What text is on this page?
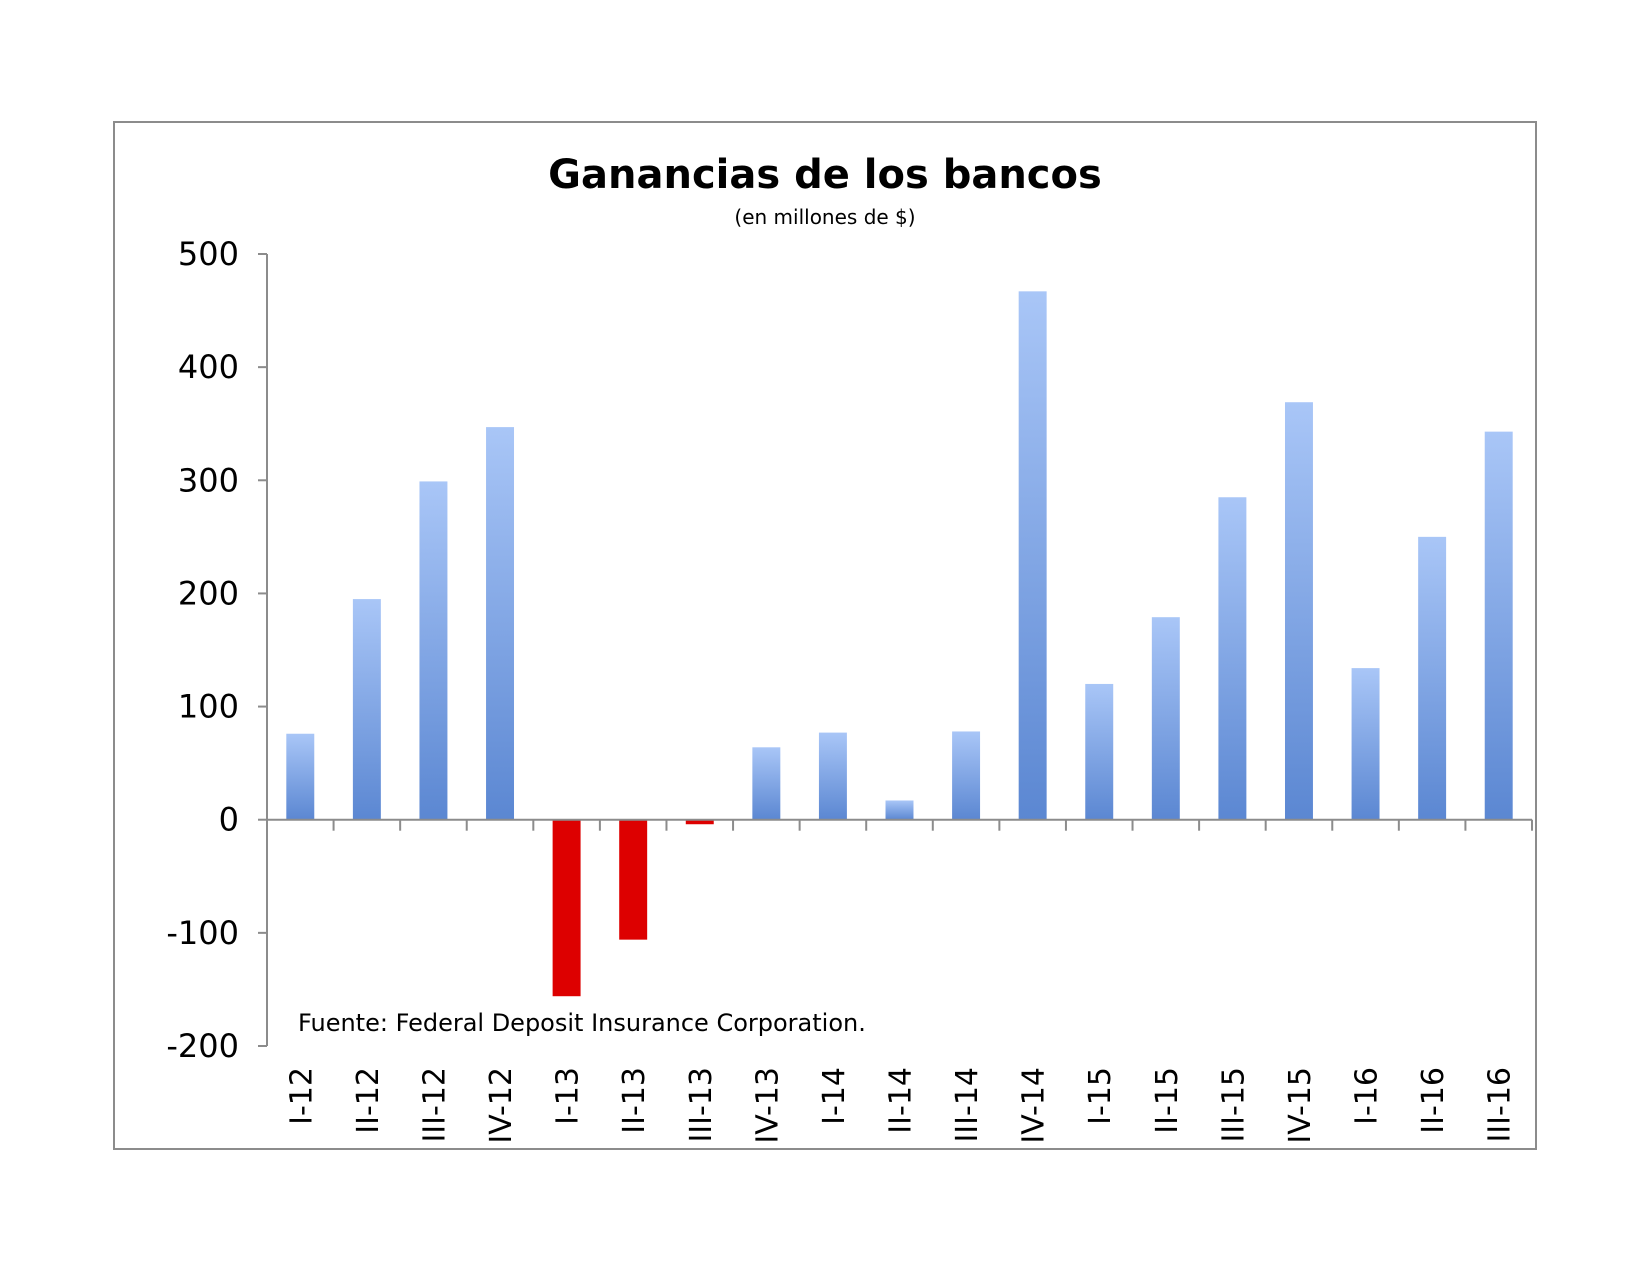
Ganancias de los bancos
(en millones de $)
500
400
300
200
100
0
-100
-200
I-12 II-12 III-12 IV-12 I-13 II-13 III-13 IV-13 I-14 II-14 III-14 IV-14 I-15 II-15 III-15 IV-15 I-16 II-16 III-16
Fuente: Federal Deposit Insurance Corporation.
